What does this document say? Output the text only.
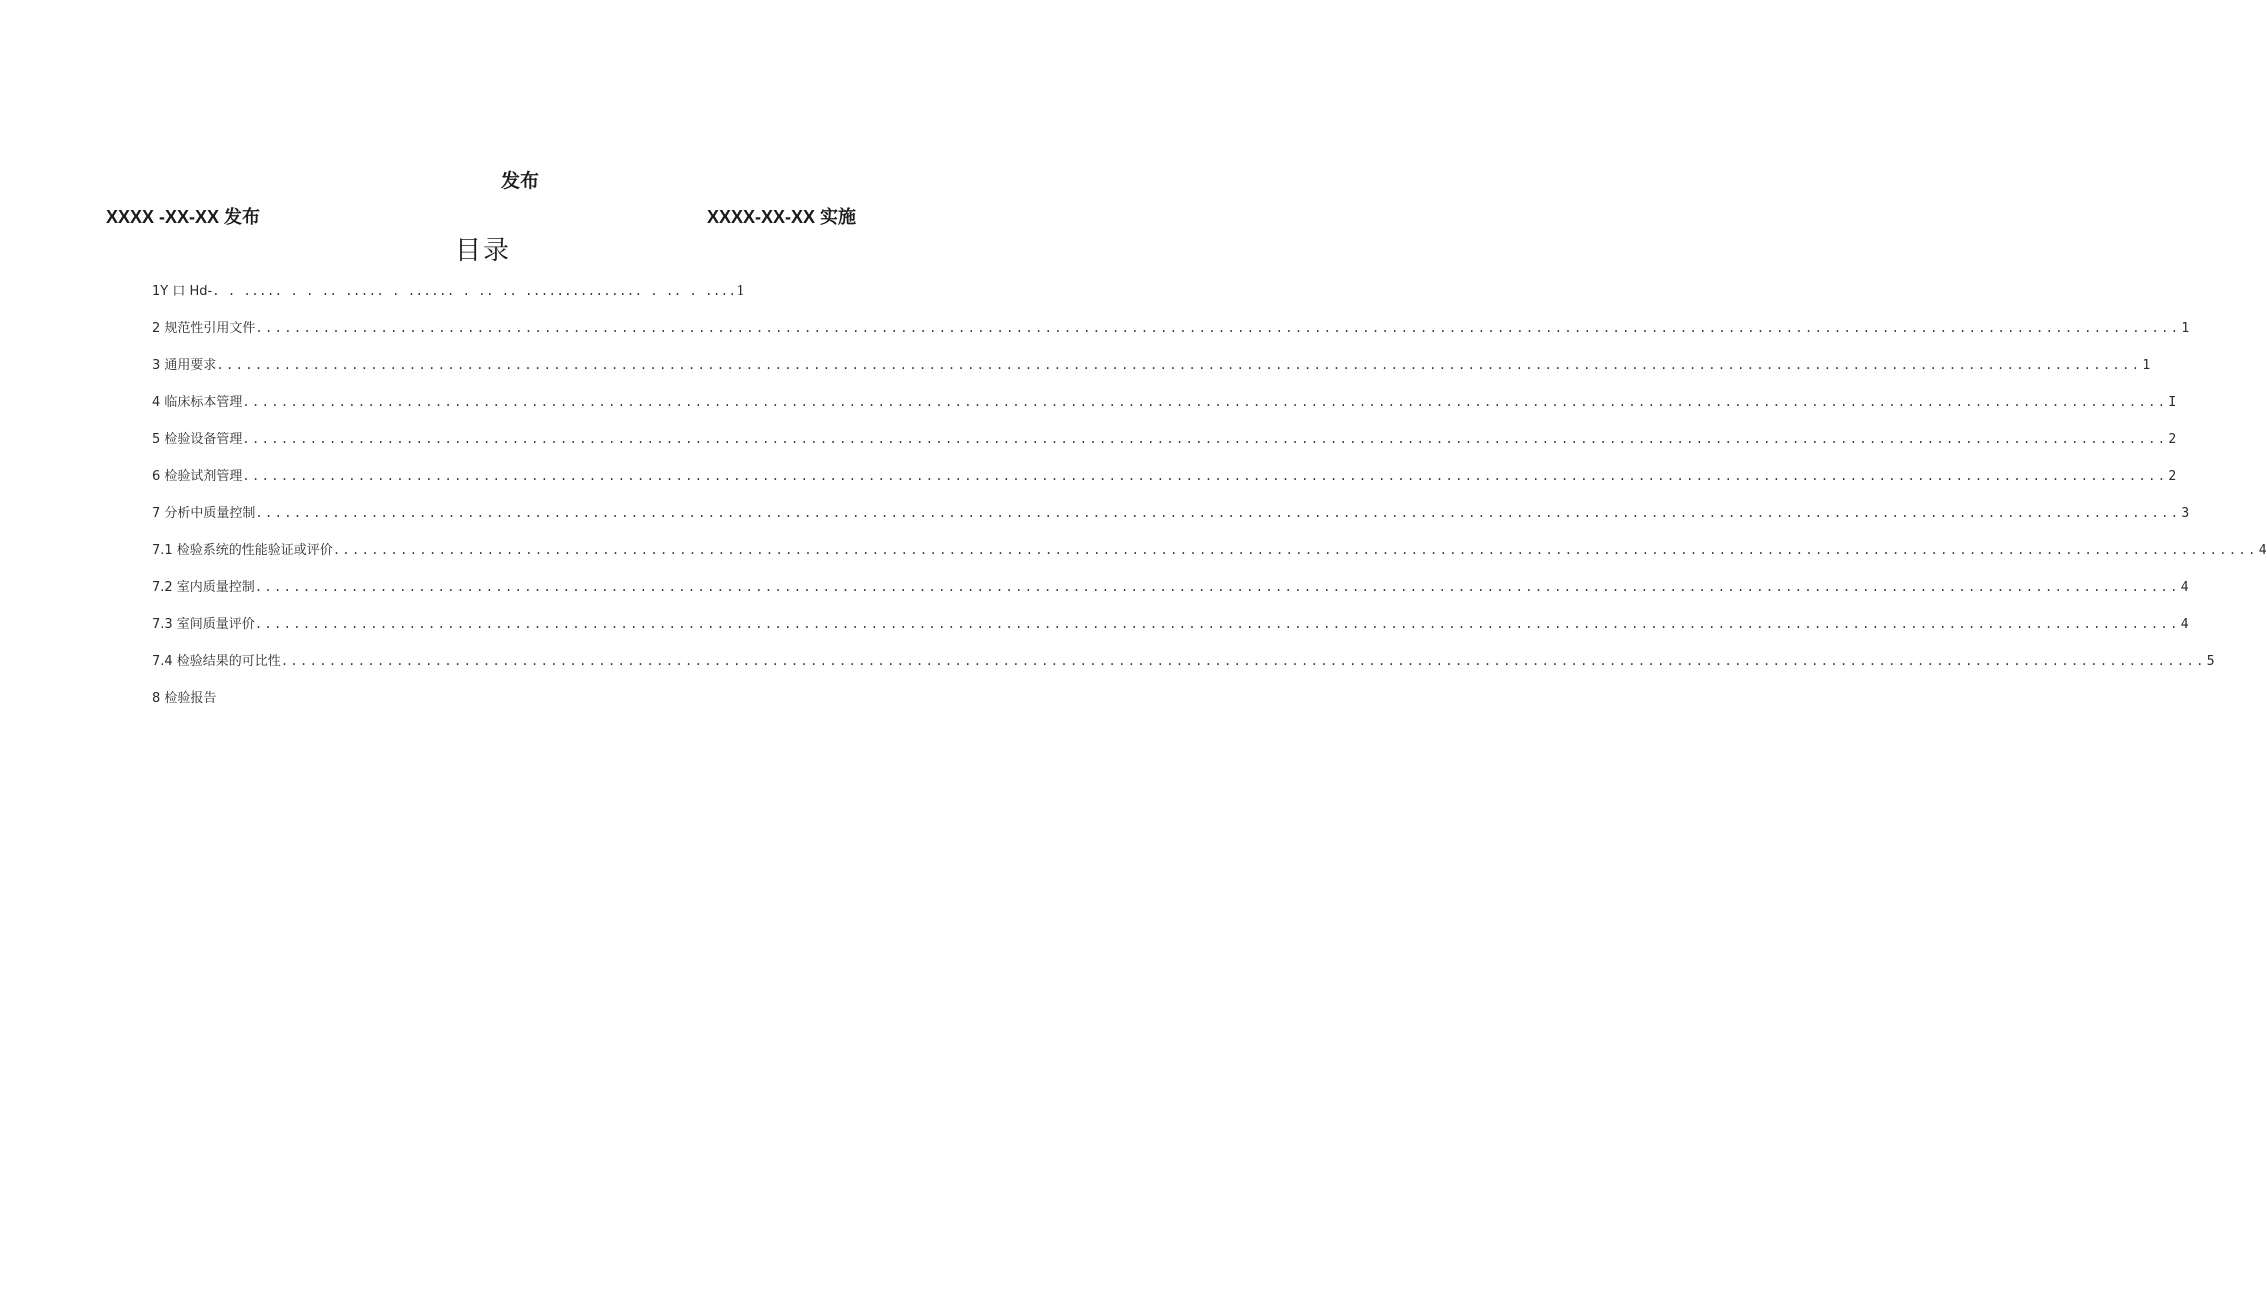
发布
XXXX -XX-XX 发布	XXXX-XX-XX 实施
目录
1Y 口 Hd- . . ..... . . .. ..... . ...... . .. .. ............... . .. . .... 1
2 规范性引用文件 ........................................................................................................................................................................................................ 1
3 通用要求 ........................................................................................................................................................................................................ 1
4 临床标本管理 ........................................................................................................................................................................................................ I
5 检验设备管理 ........................................................................................................................................................................................................ 2
6 检验试剂管理 ........................................................................................................................................................................................................ 2
7 分析中质量控制 ........................................................................................................................................................................................................ 3
7.1 检验系统的性能验证或评价 ........................................................................................................................................................................................................ 4
7.2 室内质量控制 ........................................................................................................................................................................................................ 4
7.3 室间质量评价 ........................................................................................................................................................................................................ 4
7.4 检验结果的可比性 ........................................................................................................................................................................................................ 5
8 检验报告
